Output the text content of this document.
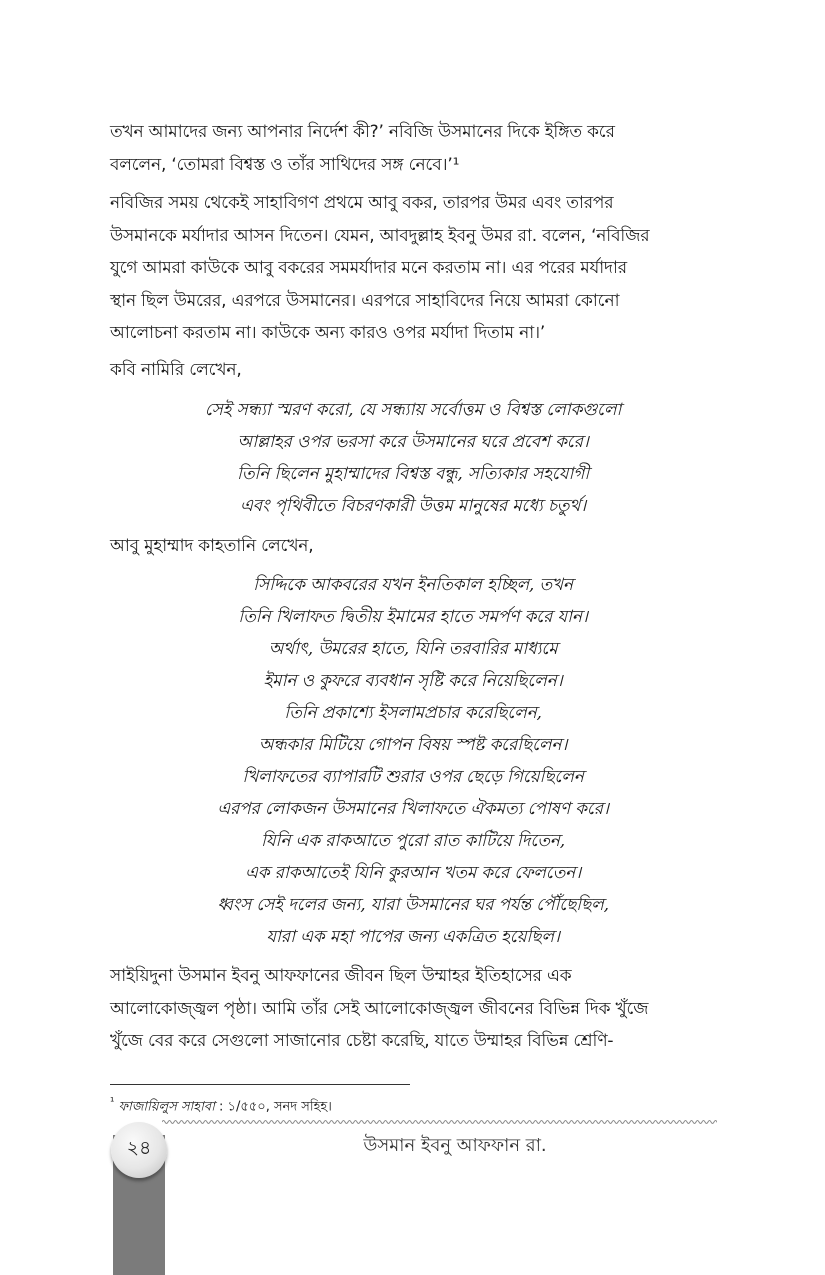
তখন আমাদের জন্য আপনার নির্দেশ কী?’ নবিজি উসমানের দিকে ইঙ্গিত করে
বললেন, ‘তোমরা বিশ্বস্ত ও তাঁর সাথিদের সঙ্গ নেবে।’¹

নবিজির সময় থেকেই সাহাবিগণ প্রথমে আবু বকর, তারপর উমর এবং তারপর
উসমানকে মর্যাদার আসন দিতেন। যেমন, আবদুল্লাহ ইবনু উমর রা. বলেন, ‘নবিজির
যুগে আমরা কাউকে আবু বকরের সমমর্যাদার মনে করতাম না। এর পরের মর্যাদার
স্থান ছিল উমরের, এরপরে উসমানের। এরপরে সাহাবিদের নিয়ে আমরা কোনো
আলোচনা করতাম না। কাউকে অন্য কারও ওপর মর্যাদা দিতাম না।’

কবি নামিরি লেখেন,

সেই সন্ধ্যা স্মরণ করো, যে সন্ধ্যায় সর্বোত্তম ও বিশ্বস্ত লোকগুলো
আল্লাহর ওপর ভরসা করে উসমানের ঘরে প্রবেশ করে।
তিনি ছিলেন মুহাম্মাদের বিশ্বস্ত বন্ধু, সত্যিকার সহযোগী
এবং পৃথিবীতে বিচরণকারী উত্তম মানুষের মধ্যে চতুর্থ।

আবু মুহাম্মাদ কাহতানি লেখেন,

সিদ্দিকে আকবরের যখন ইনতিকাল হচ্ছিল, তখন
তিনি খিলাফত দ্বিতীয় ইমামের হাতে সমর্পণ করে যান।
অর্থাৎ, উমরের হাতে, যিনি তরবারির মাধ্যমে
ইমান ও কুফরে ব্যবধান সৃষ্টি করে নিয়েছিলেন।
তিনি প্রকাশ্যে ইসলামপ্রচার করেছিলেন,
অন্ধকার মিটিয়ে গোপন বিষয় স্পষ্ট করেছিলেন।
খিলাফতের ব্যাপারটি শুরার ওপর ছেড়ে গিয়েছিলেন
এরপর লোকজন উসমানের খিলাফতে ঐকমত্য পোষণ করে।
যিনি এক রাকআতে পুরো রাত কাটিয়ে দিতেন,
এক রাকআতেই যিনি কুরআন খতম করে ফেলতেন।
ধ্বংস সেই দলের জন্য, যারা উসমানের ঘর পর্যন্ত পৌঁছেছিল,
যারা এক মহা পাপের জন্য একত্রিত হয়েছিল।

সাইয়িদুনা উসমান ইবনু আফফানের জীবন ছিল উম্মাহর ইতিহাসের এক
আলোকোজ্জ্বল পৃষ্ঠা। আমি তাঁর সেই আলোকোজ্জ্বল জীবনের বিভিন্ন দিক খুঁজে
খুঁজে বের করে সেগুলো সাজানোর চেষ্টা করেছি, যাতে উম্মাহর বিভিন্ন শ্রেণি-

$^{^1}$ ফাজায়িলুস সাহাবা : ১/৫৫০, সনদ সহিহ।
২৪	উসমান ইবনু আফফান রা.
